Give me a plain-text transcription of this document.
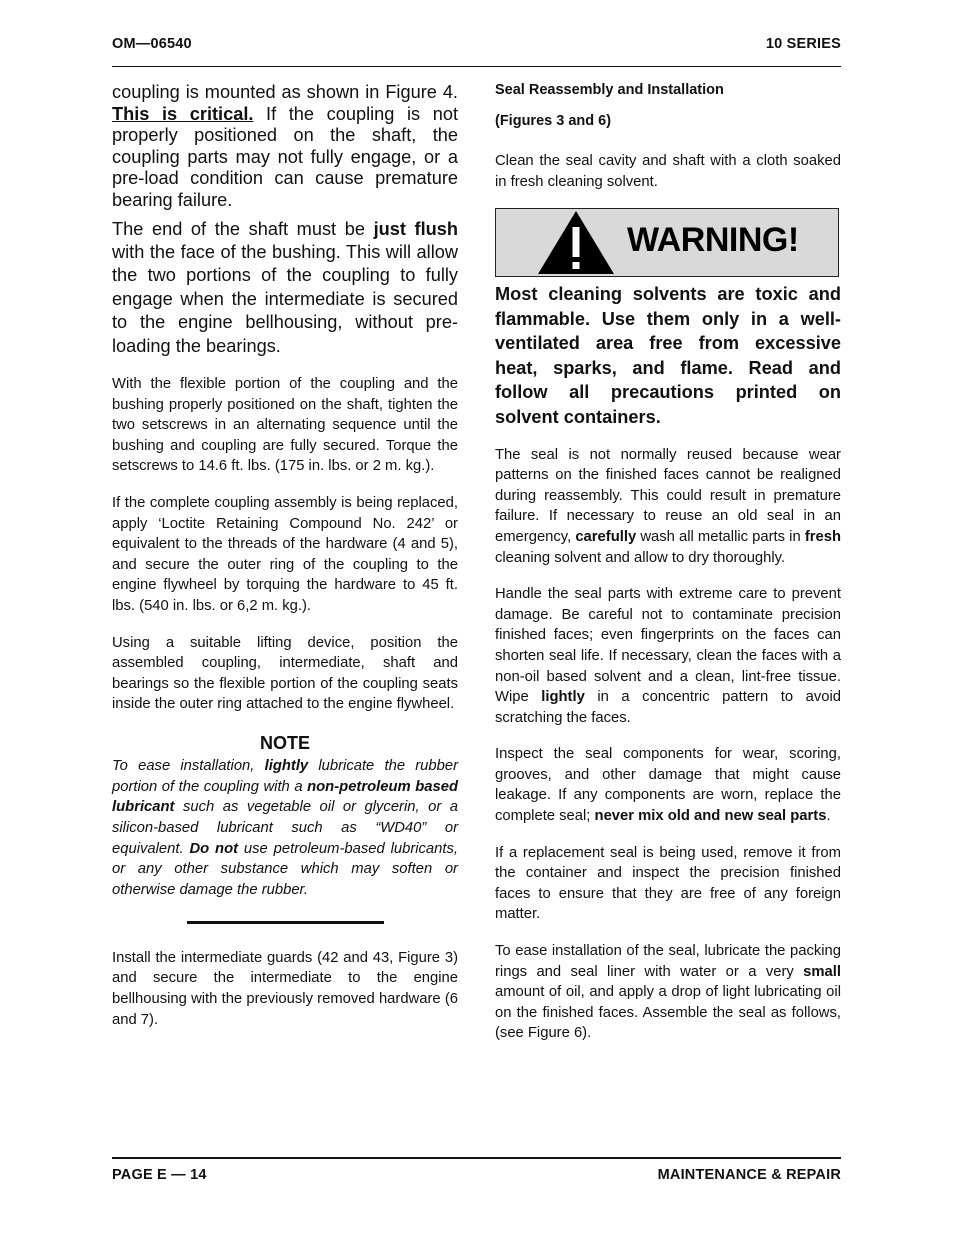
OM—06540	10 SERIES

coupling is mounted as shown in Figure 4. This is critical. If the coupling is not properly positioned on the shaft, the coupling parts may not fully engage, or a pre-load condition can cause premature bearing failure.

The end of the shaft must be just flush with the face of the bushing. This will allow the two portions of the coupling to fully engage when the intermediate is secured to the engine bellhousing, without pre-loading the bearings.

With the flexible portion of the coupling and the bushing properly positioned on the shaft, tighten the two setscrews in an alternating sequence until the bushing and coupling are fully secured. Torque the setscrews to 14.6 ft. lbs. (175 in. lbs. or 2 m. kg.).

If the complete coupling assembly is being replaced, apply ‘Loctite Retaining Compound No. 242’ or equivalent to the threads of the hardware (4 and 5), and secure the outer ring of the coupling to the engine flywheel by torquing the hardware to 45 ft. lbs. (540 in. lbs. or 6,2 m. kg.).

Using a suitable lifting device, position the assembled coupling, intermediate, shaft and bearings so the flexible portion of the coupling seats inside the outer ring attached to the engine flywheel.

NOTE

To ease installation, lightly lubricate the rubber portion of the coupling with a non-petroleum based lubricant such as vegetable oil or glycerin, or a silicon-based lubricant such as “WD40” or equivalent. Do not use petroleum-based lubricants, or any other substance which may soften or otherwise damage the rubber.

Install the intermediate guards (42 and 43, Figure 3) and secure the intermediate to the engine bellhousing with the previously removed hardware (6 and 7).

Seal Reassembly and Installation
(Figures 3 and 6)

Clean the seal cavity and shaft with a cloth soaked in fresh cleaning solvent.

WARNING!

Most cleaning solvents are toxic and flammable. Use them only in a well-ventilated area free from excessive heat, sparks, and flame. Read and follow all precautions printed on solvent containers.

The seal is not normally reused because wear patterns on the finished faces cannot be realigned during reassembly. This could result in premature failure. If necessary to reuse an old seal in an emergency, carefully wash all metallic parts in fresh cleaning solvent and allow to dry thoroughly.

Handle the seal parts with extreme care to prevent damage. Be careful not to contaminate precision finished faces; even fingerprints on the faces can shorten seal life. If necessary, clean the faces with a non-oil based solvent and a clean, lint-free tissue. Wipe lightly in a concentric pattern to avoid scratching the faces.

Inspect the seal components for wear, scoring, grooves, and other damage that might cause leakage. If any components are worn, replace the complete seal; never mix old and new seal parts.

If a replacement seal is being used, remove it from the container and inspect the precision finished faces to ensure that they are free of any foreign matter.

To ease installation of the seal, lubricate the packing rings and seal liner with water or a very small amount of oil, and apply a drop of light lubricating oil on the finished faces. Assemble the seal as follows, (see Figure 6).

PAGE E — 14	MAINTENANCE & REPAIR
